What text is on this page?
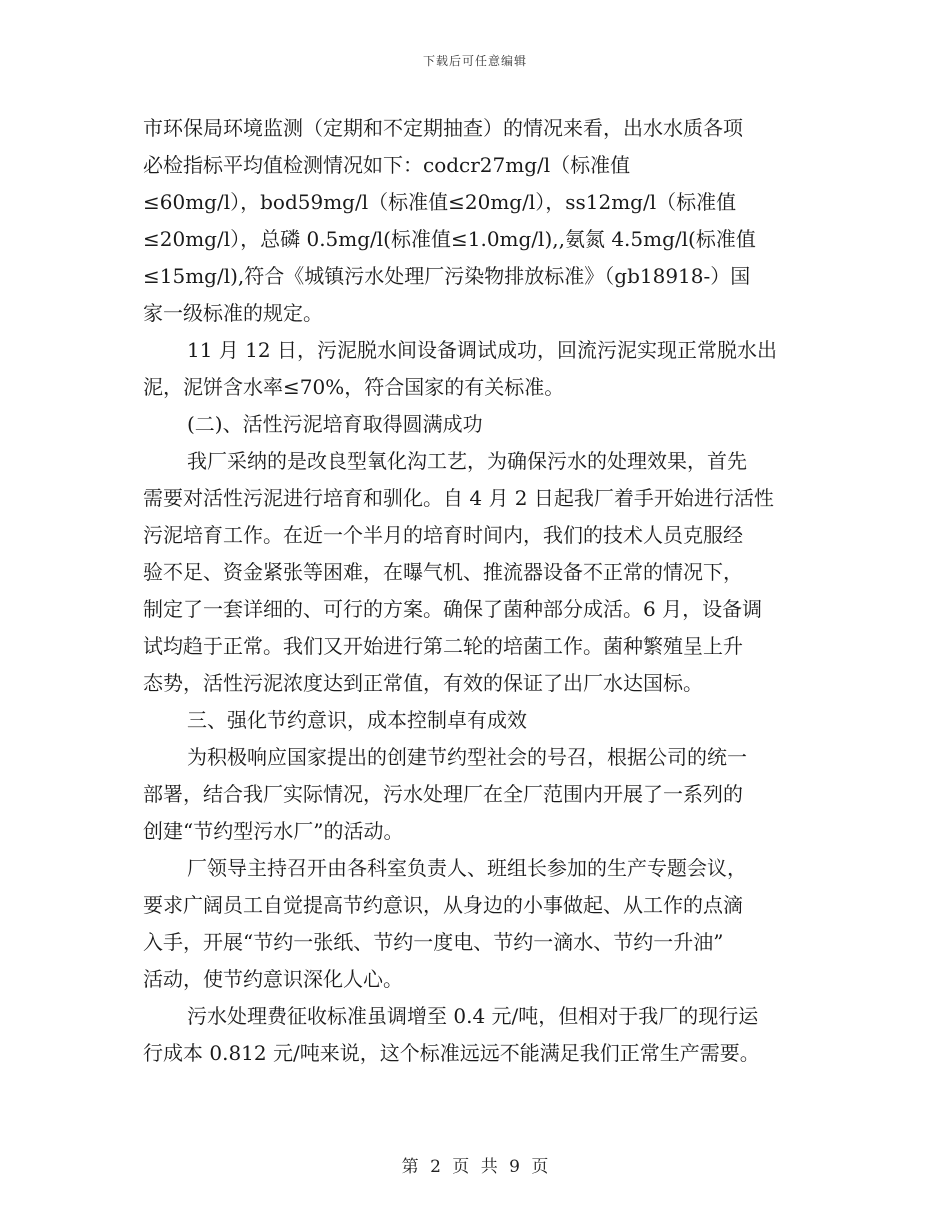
下载后可任意编辑
市环保局环境监测（定期和不定期抽查）的情况来看，出水水质各项
必检指标平均值检测情况如下：codcr27mg/l（标准值
≤60mg/l），bod59mg/l（标准值≤20mg/l），ss12mg/l（标准值
≤20mg/l），总磷 0.5mg/l(标准值≤1.0mg/l),,氨氮 4.5mg/l(标准值
≤15mg/l),符合《城镇污水处理厂污染物排放标准》（gb18918-）国
家一级标准的规定。
11 月 12 日，污泥脱水间设备调试成功，回流污泥实现正常脱水出
泥，泥饼含水率≤70%，符合国家的有关标准。
(二)、活性污泥培育取得圆满成功
我厂采纳的是改良型氧化沟工艺，为确保污水的处理效果，首先
需要对活性污泥进行培育和驯化。自 4 月 2 日起我厂着手开始进行活性
污泥培育工作。在近一个半月的培育时间内，我们的技术人员克服经
验不足、资金紧张等困难，在曝气机、推流器设备不正常的情况下，
制定了一套详细的、可行的方案。确保了菌种部分成活。6 月，设备调
试均趋于正常。我们又开始进行第二轮的培菌工作。菌种繁殖呈上升
态势，活性污泥浓度达到正常值，有效的保证了出厂水达国标。
三、强化节约意识，成本控制卓有成效
为积极响应国家提出的创建节约型社会的号召，根据公司的统一
部署，结合我厂实际情况，污水处理厂在全厂范围内开展了一系列的
创建“节约型污水厂”的活动。
厂领导主持召开由各科室负责人、班组长参加的生产专题会议，
要求广阔员工自觉提高节约意识，从身边的小事做起、从工作的点滴
入手，开展“节约一张纸、节约一度电、节约一滴水、节约一升油”
活动，使节约意识深化人心。
污水处理费征收标准虽调增至 0.4 元/吨，但相对于我厂的现行运
行成本 0.812 元/吨来说，这个标准远远不能满足我们正常生产需要。
第 2 页 共 9 页
